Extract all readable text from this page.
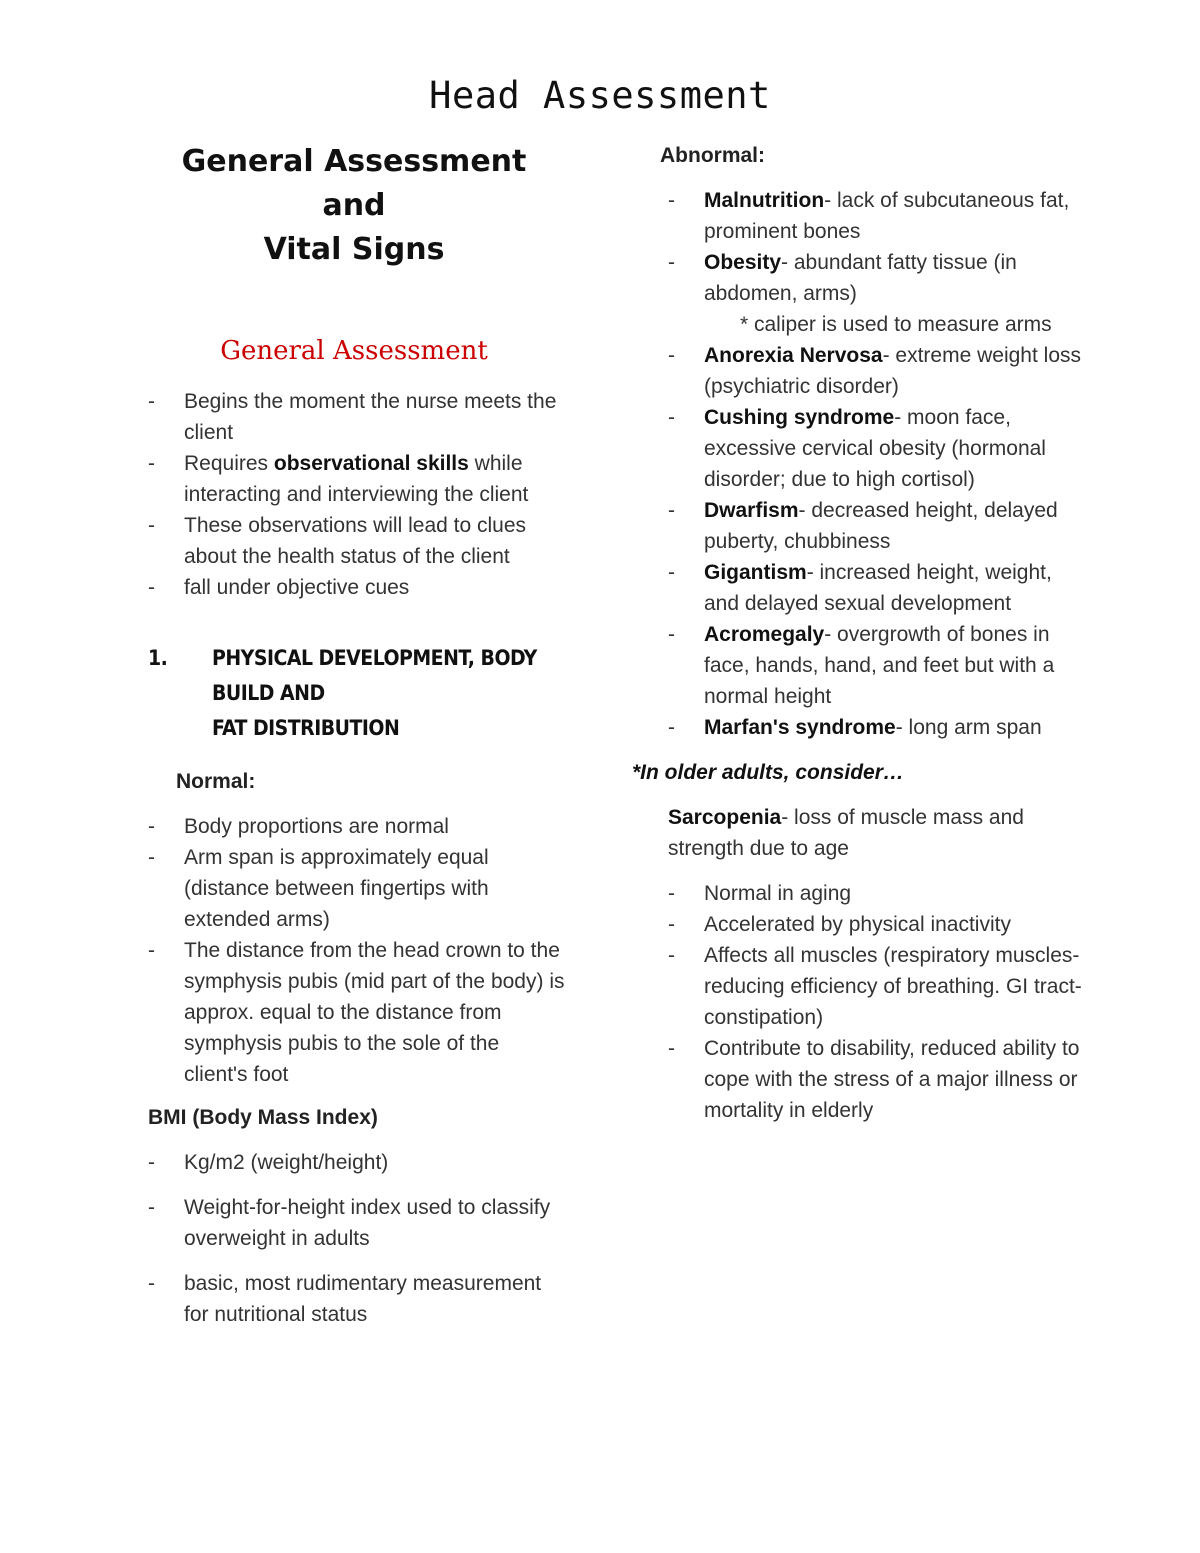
Head Assessment
General Assessment and
Vital Signs
General Assessment
- Begins the moment the nurse meets the client
- Requires observational skills while interacting and interviewing the client
- These observations will lead to clues about the health status of the client
- fall under objective cues
1.	PHYSICAL DEVELOPMENT, BODY BUILD AND
FAT DISTRIBUTION
Normal:
- Body proportions are normal
- Arm span is approximately equal (distance between fingertips with extended arms)
- The distance from the head crown to the symphysis pubis (mid part of the body) is approx. equal to the distance from symphysis pubis to the sole of the client's foot
BMI (Body Mass Index)
- Kg/m2 (weight/height)
- Weight-for-height index used to classify overweight in adults
- basic, most rudimentary measurement for nutritional status
Abnormal:
- Malnutrition- lack of subcutaneous fat, prominent bones
- Obesity- abundant fatty tissue (in abdomen, arms)
* caliper is used to measure arms
- Anorexia Nervosa- extreme weight loss (psychiatric disorder)
- Cushing syndrome- moon face, excessive cervical obesity (hormonal disorder; due to high cortisol)
- Dwarfism- decreased height, delayed puberty, chubbiness
- Gigantism- increased height, weight, and delayed sexual development
- Acromegaly- overgrowth of bones in face, hands, hand, and feet but with a normal height
- Marfan's syndrome- long arm span
*In older adults, consider…
Sarcopenia- loss of muscle mass and strength due to age
- Normal in aging
- Accelerated by physical inactivity
- Affects all muscles (respiratory muscles- reducing efficiency of breathing. GI tract- constipation)
- Contribute to disability, reduced ability to cope with the stress of a major illness or mortality in elderly
